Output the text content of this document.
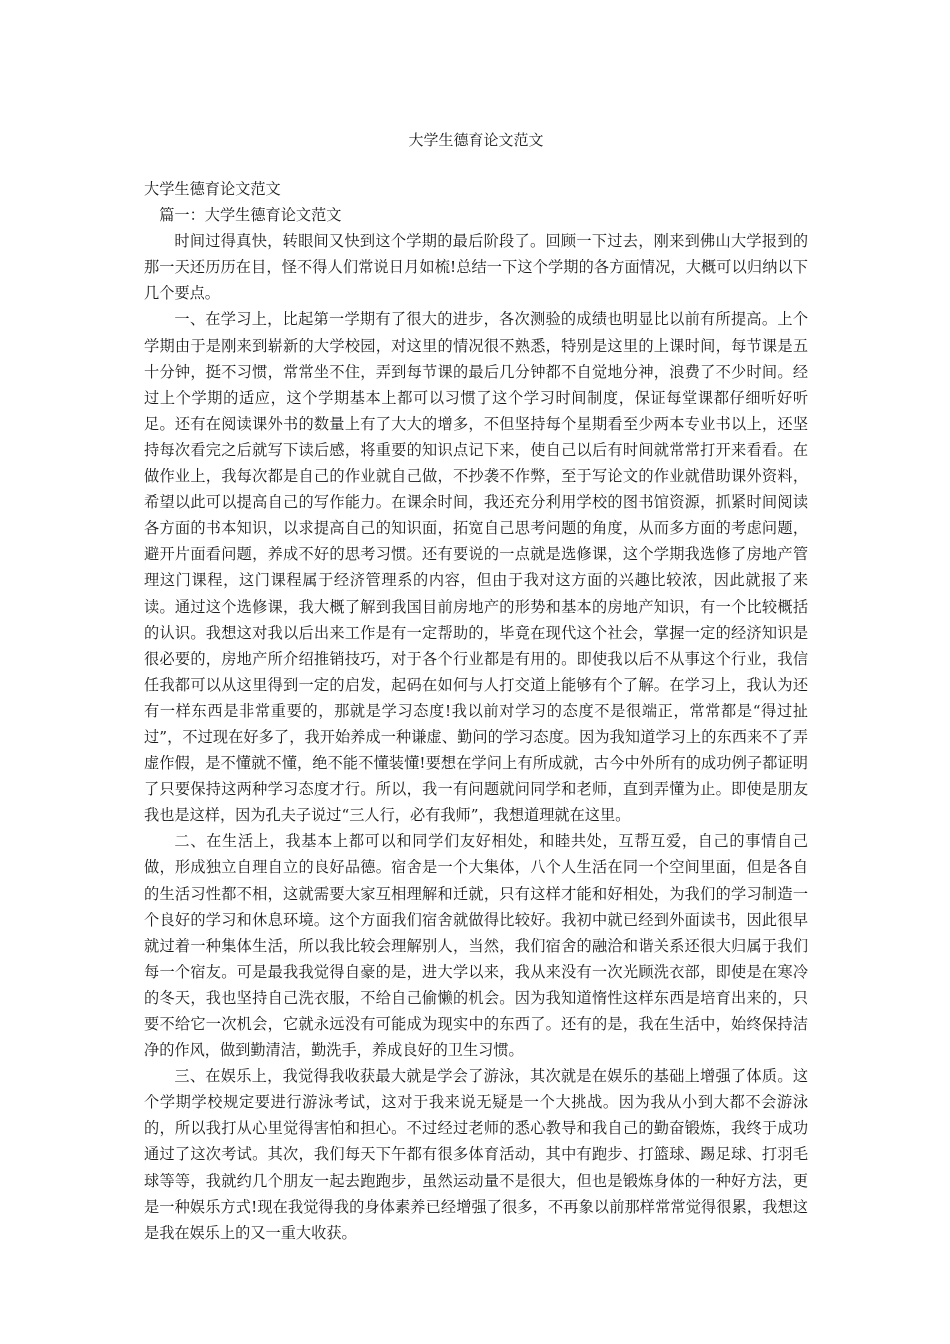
大学生德育论文范文

大学生德育论文范文

篇一：大学生德育论文范文

时间过得真快，转眼间又快到这个学期的最后阶段了。回顾一下过去，刚来到佛山大学报到的那一天还历历在目，怪不得人们常说日月如梳!总结一下这个学期的各方面情况，大概可以归纳以下几个要点。

一、在学习上，比起第一学期有了很大的进步，各次测验的成绩也明显比以前有所提高。上个学期由于是刚来到崭新的大学校园，对这里的情况很不熟悉，特别是这里的上课时间，每节课是五十分钟，挺不习惯，常常坐不住，弄到每节课的最后几分钟都不自觉地分神，浪费了不少时间。经过上个学期的适应，这个学期基本上都可以习惯了这个学习时间制度，保证每堂课都仔细听好听足。还有在阅读课外书的数量上有了大大的增多，不但坚持每个星期看至少两本专业书以上，还坚持每次看完之后就写下读后感，将重要的知识点记下来，使自己以后有时间就常常打开来看看。在做作业上，我每次都是自己的作业就自己做，不抄袭不作弊，至于写论文的作业就借助课外资料，希望以此可以提高自己的写作能力。在课余时间，我还充分利用学校的图书馆资源，抓紧时间阅读各方面的书本知识，以求提高自己的知识面，拓宽自己思考问题的角度，从而多方面的考虑问题，避开片面看问题，养成不好的思考习惯。还有要说的一点就是选修课，这个学期我选修了房地产管理这门课程，这门课程属于经济管理系的内容，但由于我对这方面的兴趣比较浓，因此就报了来读。通过这个选修课，我大概了解到我国目前房地产的形势和基本的房地产知识，有一个比较概括的认识。我想这对我以后出来工作是有一定帮助的，毕竟在现代这个社会，掌握一定的经济知识是很必要的，房地产所介绍推销技巧，对于各个行业都是有用的。即使我以后不从事这个行业，我信任我都可以从这里得到一定的启发，起码在如何与人打交道上能够有个了解。在学习上，我认为还有一样东西是非常重要的，那就是学习态度!我以前对学习的态度不是很端正，常常都是“得过扯过”，不过现在好多了，我开始养成一种谦虚、勤问的学习态度。因为我知道学习上的东西来不了弄虚作假，是不懂就不懂，绝不能不懂装懂!要想在学问上有所成就，古今中外所有的成功例子都证明了只要保持这两种学习态度才行。所以，我一有问题就问同学和老师，直到弄懂为止。即使是朋友我也是这样，因为孔夫子说过“三人行，必有我师”，我想道理就在这里。

二、在生活上，我基本上都可以和同学们友好相处，和睦共处，互帮互爱，自己的事情自己做，形成独立自理自立的良好品德。宿舍是一个大集体，八个人生活在同一个空间里面，但是各自的生活习性都不相，这就需要大家互相理解和迁就，只有这样才能和好相处，为我们的学习制造一个良好的学习和休息环境。这个方面我们宿舍就做得比较好。我初中就已经到外面读书，因此很早就过着一种集体生活，所以我比较会理解别人，当然，我们宿舍的融洽和谐关系还很大归属于我们每一个宿友。可是最我我觉得自豪的是，进大学以来，我从来没有一次光顾洗衣部，即使是在寒冷的冬天，我也坚持自己洗衣服，不给自己偷懒的机会。因为我知道惰性这样东西是培育出来的，只要不给它一次机会，它就永远没有可能成为现实中的东西了。还有的是，我在生活中，始终保持洁净的作风，做到勤清洁，勤洗手，养成良好的卫生习惯。

三、在娱乐上，我觉得我收获最大就是学会了游泳，其次就是在娱乐的基础上增强了体质。这个学期学校规定要进行游泳考试，这对于我来说无疑是一个大挑战。因为我从小到大都不会游泳的，所以我打从心里觉得害怕和担心。不过经过老师的悉心教导和我自己的勤奋锻炼，我终于成功通过了这次考试。其次，我们每天下午都有很多体育活动，其中有跑步、打篮球、踢足球、打羽毛球等等，我就约几个朋友一起去跑跑步，虽然运动量不是很大，但也是锻炼身体的一种好方法，更是一种娱乐方式!现在我觉得我的身体素养已经增强了很多，不再象以前那样常常觉得很累，我想这是我在娱乐上的又一重大收获。
